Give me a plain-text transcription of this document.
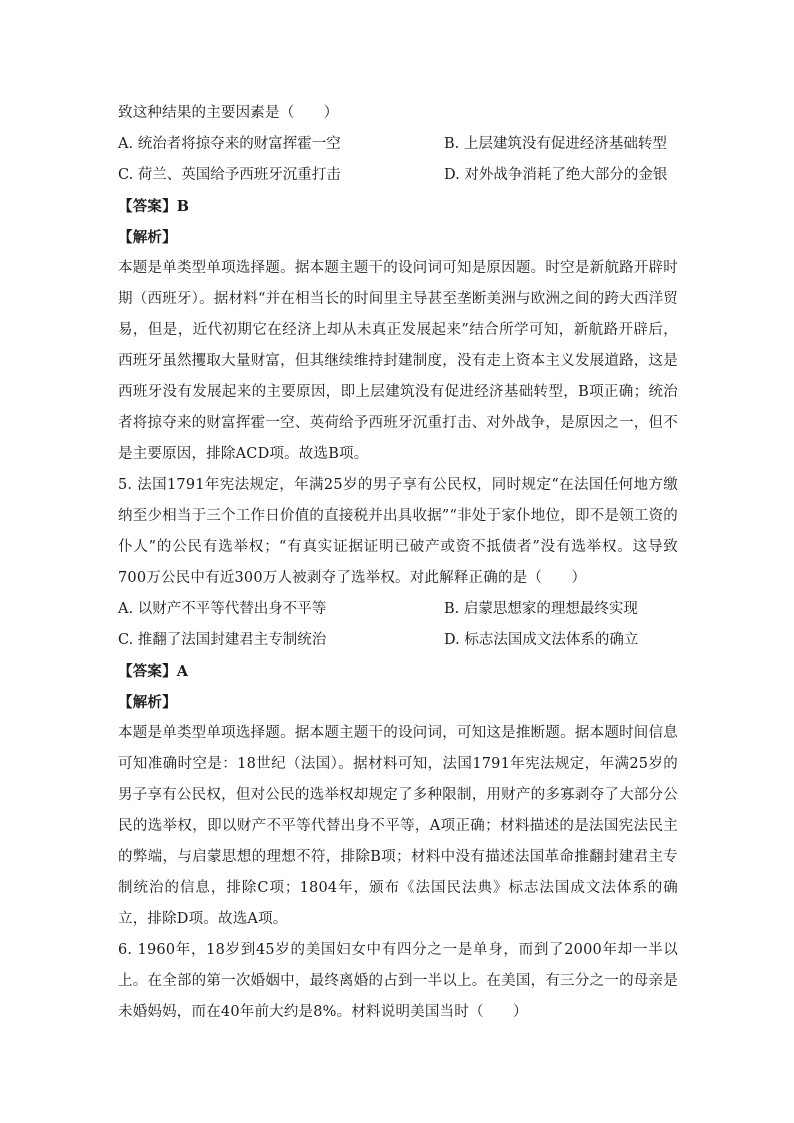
致这种结果的主要因素是（　　）
A. 统治者将掠夺来的财富挥霍一空	B. 上层建筑没有促进经济基础转型
C. 荷兰、英国给予西班牙沉重打击	D. 对外战争消耗了绝大部分的金银
【答案】B
【解析】
本题是单类型单项选择题。据本题主题干的设问词可知是原因题。时空是新航路开辟时期（西班牙）。据材料“并在相当长的时间里主导甚至垄断美洲与欧洲之间的跨大西洋贸易，但是，近代初期它在经济上却从未真正发展起来”结合所学可知，新航路开辟后，西班牙虽然攫取大量财富，但其继续维持封建制度，没有走上资本主义发展道路，这是西班牙没有发展起来的主要原因，即上层建筑没有促进经济基础转型，B项正确；统治者将掠夺来的财富挥霍一空、英荷给予西班牙沉重打击、对外战争，是原因之一，但不是主要原因，排除ACD项。故选B项。
5. 法国1791年宪法规定，年满25岁的男子享有公民权，同时规定“在法国任何地方缴纳至少相当于三个工作日价值的直接税并出具收据”“非处于家仆地位，即不是领工资的仆人”的公民有选举权；“有真实证据证明已破产或资不抵债者”没有选举权。这导致700万公民中有近300万人被剥夺了选举权。对此解释正确的是（　　）
A. 以财产不平等代替出身不平等	B. 启蒙思想家的理想最终实现
C. 推翻了法国封建君主专制统治	D. 标志法国成文法体系的确立
【答案】A
【解析】
本题是单类型单项选择题。据本题主题干的设问词，可知这是推断题。据本题时间信息可知准确时空是：18世纪（法国）。据材料可知，法国1791年宪法规定，年满25岁的男子享有公民权，但对公民的选举权却规定了多种限制，用财产的多寡剥夺了大部分公民的选举权，即以财产不平等代替出身不平等，A项正确；材料描述的是法国宪法民主的弊端，与启蒙思想的理想不符，排除B项；材料中没有描述法国革命推翻封建君主专制统治的信息，排除C项；1804年，颁布《法国民法典》标志法国成文法体系的确立，排除D项。故选A项。
6. 1960年，18岁到45岁的美国妇女中有四分之一是单身，而到了2000年却一半以上。在全部的第一次婚姻中，最终离婚的占到一半以上。在美国，有三分之一的母亲是未婚妈妈，而在40年前大约是8%。材料说明美国当时（　　）
